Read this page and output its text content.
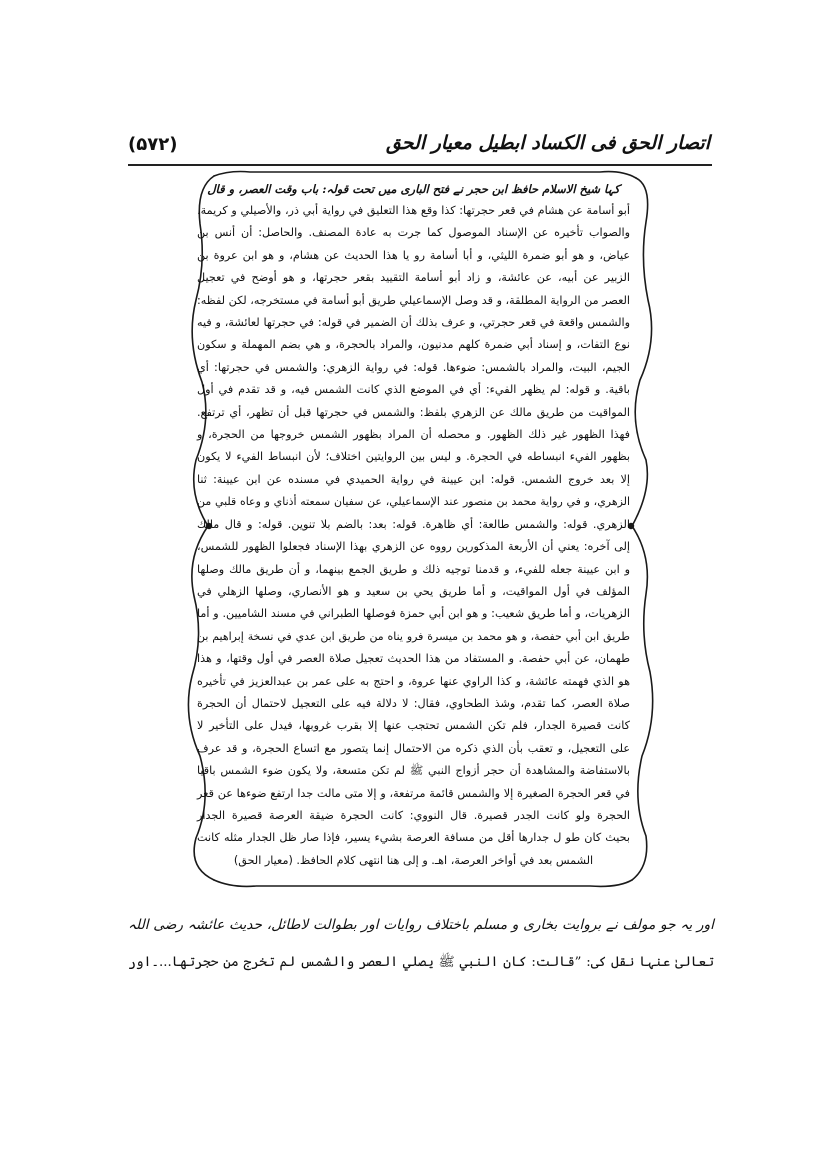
اتصار الحق فی الکساد ابطیل معیار الحق
(۵۷۲)
کہا شیخ الاسلام حافظ ابن حجر نے فتح الباری میں تحت قولہ: باب وقت العصر، و قال
أبو أسامة عن هشام في قعر حجرتها: كذا وقع هذا التعليق في رواية أبي ذر، والأصيلي و كريمة،
والصواب تأخيره عن الإسناد الموصول كما جرت به عادة المصنف. والحاصل: أن أنس بن
عياض، و هو أبو ضمرة الليثي، و أبا أسامة رو يا هذا الحديث عن هشام، و هو ابن عروة بن
الزبير عن أبيه، عن عائشة، و زاد أبو أسامة التقييد بقعر حجرتها، و هو أوضح في تعجيل
العصر من الرواية المطلقة، و قد وصل الإسماعيلي طريق أبو أسامة في مستخرجه، لكن لفظه:
والشمس واقعة في قعر حجرتي، و عرف بذلك أن الضمير في قوله: في حجرتها لعائشة، و فيه
نوع التفات، و إسناد أبي ضمرة كلهم مدنيون، والمراد بالحجرة، و هي بضم المهملة و سكون
الجيم، البيت، والمراد بالشمس: ضوءها. قوله: في رواية الزهري: والشمس في حجرتها: أي
باقية. و قوله: لم يظهر الفيء: أي في الموضع الذي كانت الشمس فيه، و قد تقدم في أول
المواقيت من طريق مالك عن الزهري بلفظ: والشمس في حجرتها قبل أن تظهر، أي ترتفع.
فهذا الظهور غير ذلك الظهور. و محصله أن المراد بظهور الشمس خروجها من الحجرة، و
بظهور الفيء انبساطه في الحجرة. و ليس بين الروايتين اختلاف؛ لأن انبساط الفيء لا يكون
إلا بعد خروج الشمس. قوله: ابن عيينة في رواية الحميدي في مسنده عن ابن عيينة: ثنا
الزهري، و في رواية محمد بن منصور عند الإسماعيلي، عن سفيان سمعته أذناي و وعاه قلبي من
الزهري. قوله: والشمس طالعة: أي ظاهرة. قوله: بعد: بالضم بلا تنوين. قوله: و قال مالك
إلى آخره: يعني أن الأربعة المذكورين رووه عن الزهري بهذا الإسناد فجعلوا الظهور للشمس،
و ابن عيينة جعله للفيء، و قدمنا توجيه ذلك و طريق الجمع بينهما، و أن طريق مالك وصلها
المؤلف في أول المواقيت، و أما طريق يحي بن سعيد و هو الأنصاري، وصلها الزهلي في
الزهريات، و أما طريق شعيب: و هو ابن أبي حمزة فوصلها الطبراني في مسند الشاميين. و أما
طريق ابن أبي حفصة، و هو محمد بن ميسرة فرو يناه من طريق ابن عدي في نسخة إبراهيم بن
طهمان، عن أبي حفصة. و المستفاد من هذا الحديث تعجيل صلاة العصر في أول وقتها، و هذا
هو الذي فهمته عائشة، و كذا الراوي عنها عروة، و احتج به على عمر بن عبدالعزيز في تأخيره
صلاة العصر، كما تقدم، وشذ الطحاوي، فقال: لا دلالة فيه على التعجيل لاحتمال أن الحجرة
كانت قصيرة الجدار، فلم تكن الشمس تحتجب عنها إلا بقرب غروبها، فيدل على التأخير لا
على التعجيل، و تعقب بأن الذي ذكره من الاحتمال إنما يتصور مع اتساع الحجرة، و قد عرف
بالاستفاضة والمشاهدة أن حجر أزواج النبي ﷺ لم تكن متسعة، ولا يكون ضوء الشمس باقيا
في قعر الحجرة الصغيرة إلا والشمس قائمة مرتفعة، و إلا متى مالت جدا ارتفع ضوءها عن قعر
الحجرة ولو كانت الجدر قصيرة. قال النووي: كانت الحجرة ضيقة العرصة قصيرة الجدار
بحيث كان طو ل جدارها أقل من مسافة العرصة بشيء يسير، فإذا صار ظل الجدار مثله كانت
الشمس بعد في أواخر العرصة، اهـ. و إلى هنا انتهى كلام الحافظ. (معیار الحق)
اور یہ جو مولف نے بروایت بخاری و مسلم باختلاف روایات اور بطوالت لاطائل، حدیث عائشہ رضی اللہ
تعالیٰ عنہا نقل کی: ”قالت: کان النبي ﷺ يصلي العصر والشمس لم تخرج من حجرتها...۔اور
